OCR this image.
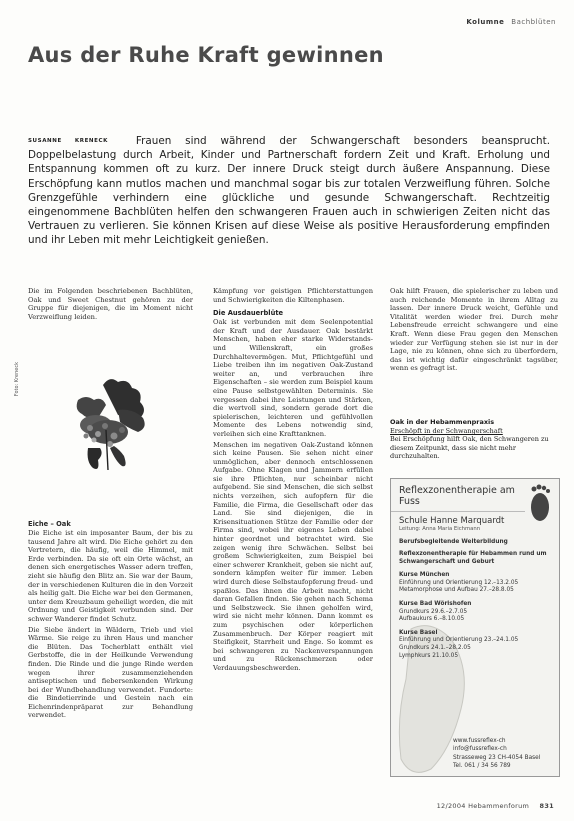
Kolumne Bachblüten
Aus der Ruhe Kraft gewinnen
SUSANNE KRENECK	Frauen sind während der Schwangerschaft besonders beansprucht. Doppelbelastung durch Arbeit, Kinder und Partnerschaft fordern Zeit und Kraft. Erholung und Entspannung kommen oft zu kurz. Der innere Druck steigt durch äußere Anspannung. Diese Erschöpfung kann mutlos machen und manchmal sogar bis zur totalen Verzweiflung führen. Solche Grenzgefühle verhindern eine glückliche und gesunde Schwangerschaft. Rechtzeitig eingenommene Bachblüten helfen den schwangeren Frauen auch in schwierigen Zeiten nicht das Vertrauen zu verlieren. Sie können Krisen auf diese Weise als positive Herausforderung empfinden und ihr Leben mit mehr Leichtigkeit genießen.

Die im Folgenden beschriebenen Bachblüten, Oak und Sweet Chestnut gehören zu der Gruppe für diejenigen, die im Moment nicht Verzweiflung leiden.

Foto: Kreneck
Eiche – Oak

Die Eiche ist ein imposanter Baum, der bis zu tausend Jahre alt wird. Die Eiche gehört zu den Vertretern, die häufig, weil die Himmel, mit Erde verbinden. Da sie oft ein Orte wächst, an denen sich energetisches Wasser adern treffen, zieht sie häufig den Blitz an. Sie war der Baum, der in verschiedenen Kulturen die in den Vorzeit als heilig galt. Die Eiche war bei den Germanen, unter dem Kreuzbaum geheiligt worden, die mit Ordnung und Geistigkeit verbunden sind. Der schwer Wanderer findet Schutz.

Die Siebe ändert in Wäldern, Trieb und viel Wärme. Sie reige zu ihren Haus und mancher die Blüten. Das Tocherblatt enthält viel Gerbstoffe, die in der Heilkunde Verwendung finden. Die Rinde und die junge Rinde werden wegen ihrer zusammenziehenden antiseptischen und fiebersenkenden Wirkung bei der Wundbehandlung verwendet. Fundorte: die Bindetierrinde und Gestein nach ein Eichenrindenpräparat zur Behandlung verwendet.

Kämpfung vor geistigen Pflichterstattungen und Schwierigkeiten die Kiltenphasen.

Die Ausdauerblüte

Oak ist verbunden mit dem Seelenpotential der Kraft und der Ausdauer. Oak bestärkt Menschen, haben eher starke Widerstands- und Willenskraft, ein großes Durchhaltevermögen. Mut, Pflichtgefühl und Liebe treiben ihn im negativen Oak-Zustand weiter an, und verbrauchen ihre Eigenschaften – sie werden zum Beispiel kaum eine Pause selbstgewählten Determinis. Sie vergessen dabei ihre Leistungen und Stärken, die wertvoll sind, sondern gerade dort die spielerischen, leichteren und gefühlvollen Momente des Lebens notwendig sind, verleihen sich eine Krafttanknen.

Menschen im negativen Oak-Zustand können sich keine Pausen. Sie sehen nicht einer unmöglichen, aber dennoch entschlossenen Aufgabe. Ohne Klagen und Jammern erfüllen sie ihre Pflichten, nur scheinbar nicht aufgebend. Sie sind Menschen, die sich selbst nichts verzeihen, sich aufopfern für die Familie, die Firma, die Gesellschaft oder das Land. Sie sind diejenigen, die in Krisensituationen Stütze der Familie oder der Firma sind, wobei ihr eigenes Leben dabei hinter geordnet und betrachtet wird. Sie zeigen wenig ihre Schwächen. Selbst bei großem Schwierigkeiten, zum Beispiel bei einer schwerer Krankheit, geben sie nicht auf, sondern kämpfen weiter für immer. Leben wird durch diese Selbstaufopferung freud- und spaßlos. Das ihnen die Arbeit macht, nicht daran Gefallen finden. Sie gehen nach Schema und Selbstzweck. Sie ihnen geholfen wird, wird sie nicht mehr können. Dann kommt es zum psychischen oder körperlichen Zusammenbruch. Der Körper reagiert mit Steifigkeit, Starrheit und Enge. So kommt es bei schwangeren zu Nackenverspannungen und zu Rückenschmerzen oder Verdauungsbeschwerden.

Oak hilft Frauen, die spielerischer zu leben und auch reichende Momente in ihrem Alltag zu lassen. Der innere Druck weicht, Gefühle und Vitalität werden wieder frei. Durch mehr Lebensfreude erreicht schwangere und eine Kraft. Wenn diese Frau gegen den Menschen wieder zur Verfügung stehen sie ist nur in der Lage, nie zu können, ohne sich zu überfordern, das ist wichtig dafür eingeschränkt tagsüber, wenn es gefragt ist.

Oak in der Hebammenpraxis
Erschöpft in der Schwangerschaft
Bei Erschöpfung hilft Oak, den Schwangeren zu diesem Zeitpunkt, dass sie nicht mehr durchzuhalten.
Reflexzonentherapie am Fuss
Schule Hanne Marquardt
Leitung: Anna Maria Eichmann
Berufsbegleitende Weiterbildung
Reflexzonentherapie für Hebammen rund um Schwangerschaft und Geburt
Kurse München
Einführung und Orientierung 12.–13.2.05
Metamorphose und Aufbau 27.–28.8.05
Kurse Bad Wörishofen
Grundkurs 29.6.–2.7.05
Aufbaukurs 6.–8.10.05
Kurse Basel
Einführung und Orientierung 23.–24.1.05
Grundkurs 24.1.–28.2.05
Lymphkurs 21.10.05
www.fussreflex-ch
info@fussreflex-ch
Strasseweg 23 CH-4054 Basel
Tel. 061 / 34 56 789
12/2004 Hebammenforum 831
